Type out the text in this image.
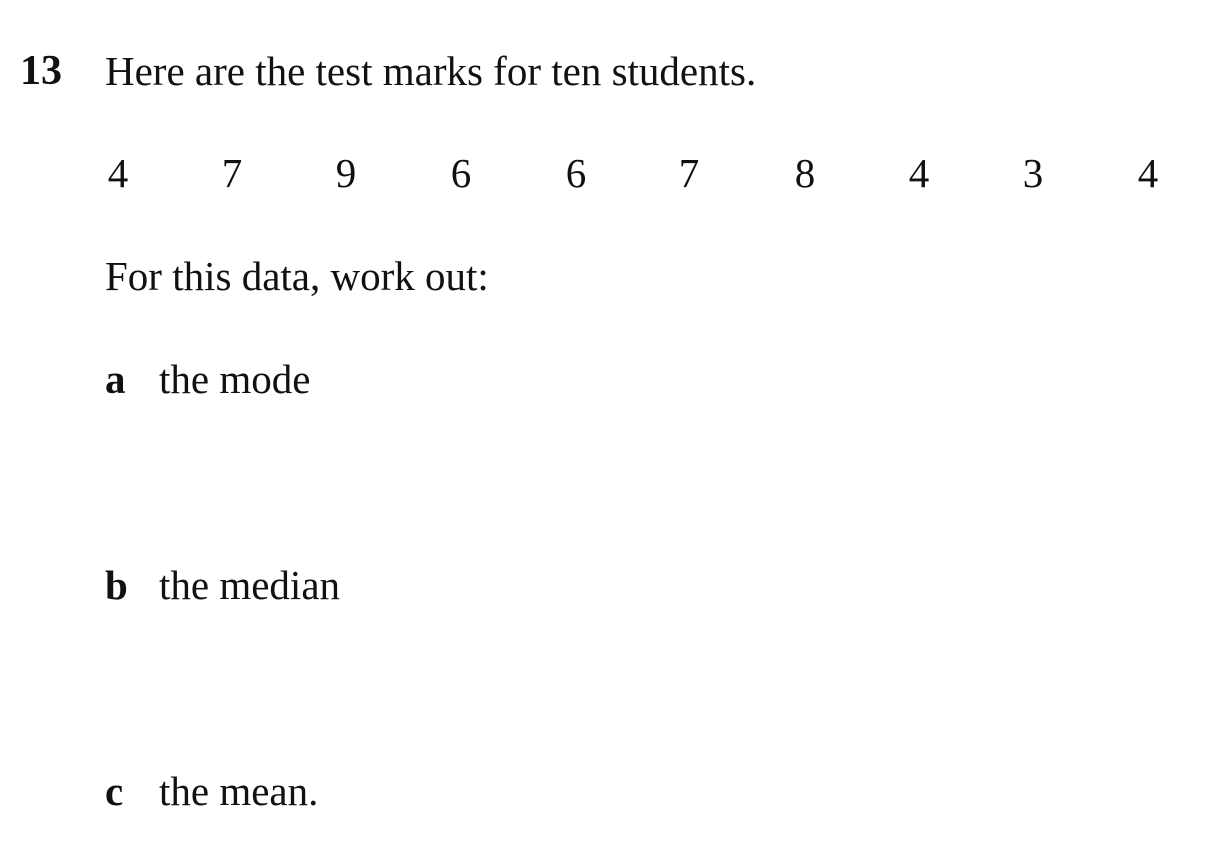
13 Here are the test marks for ten students.
4 7 9 6 6 7 8 4 3 4
For this data, work out:
a the mode
b the median
c the mean.
